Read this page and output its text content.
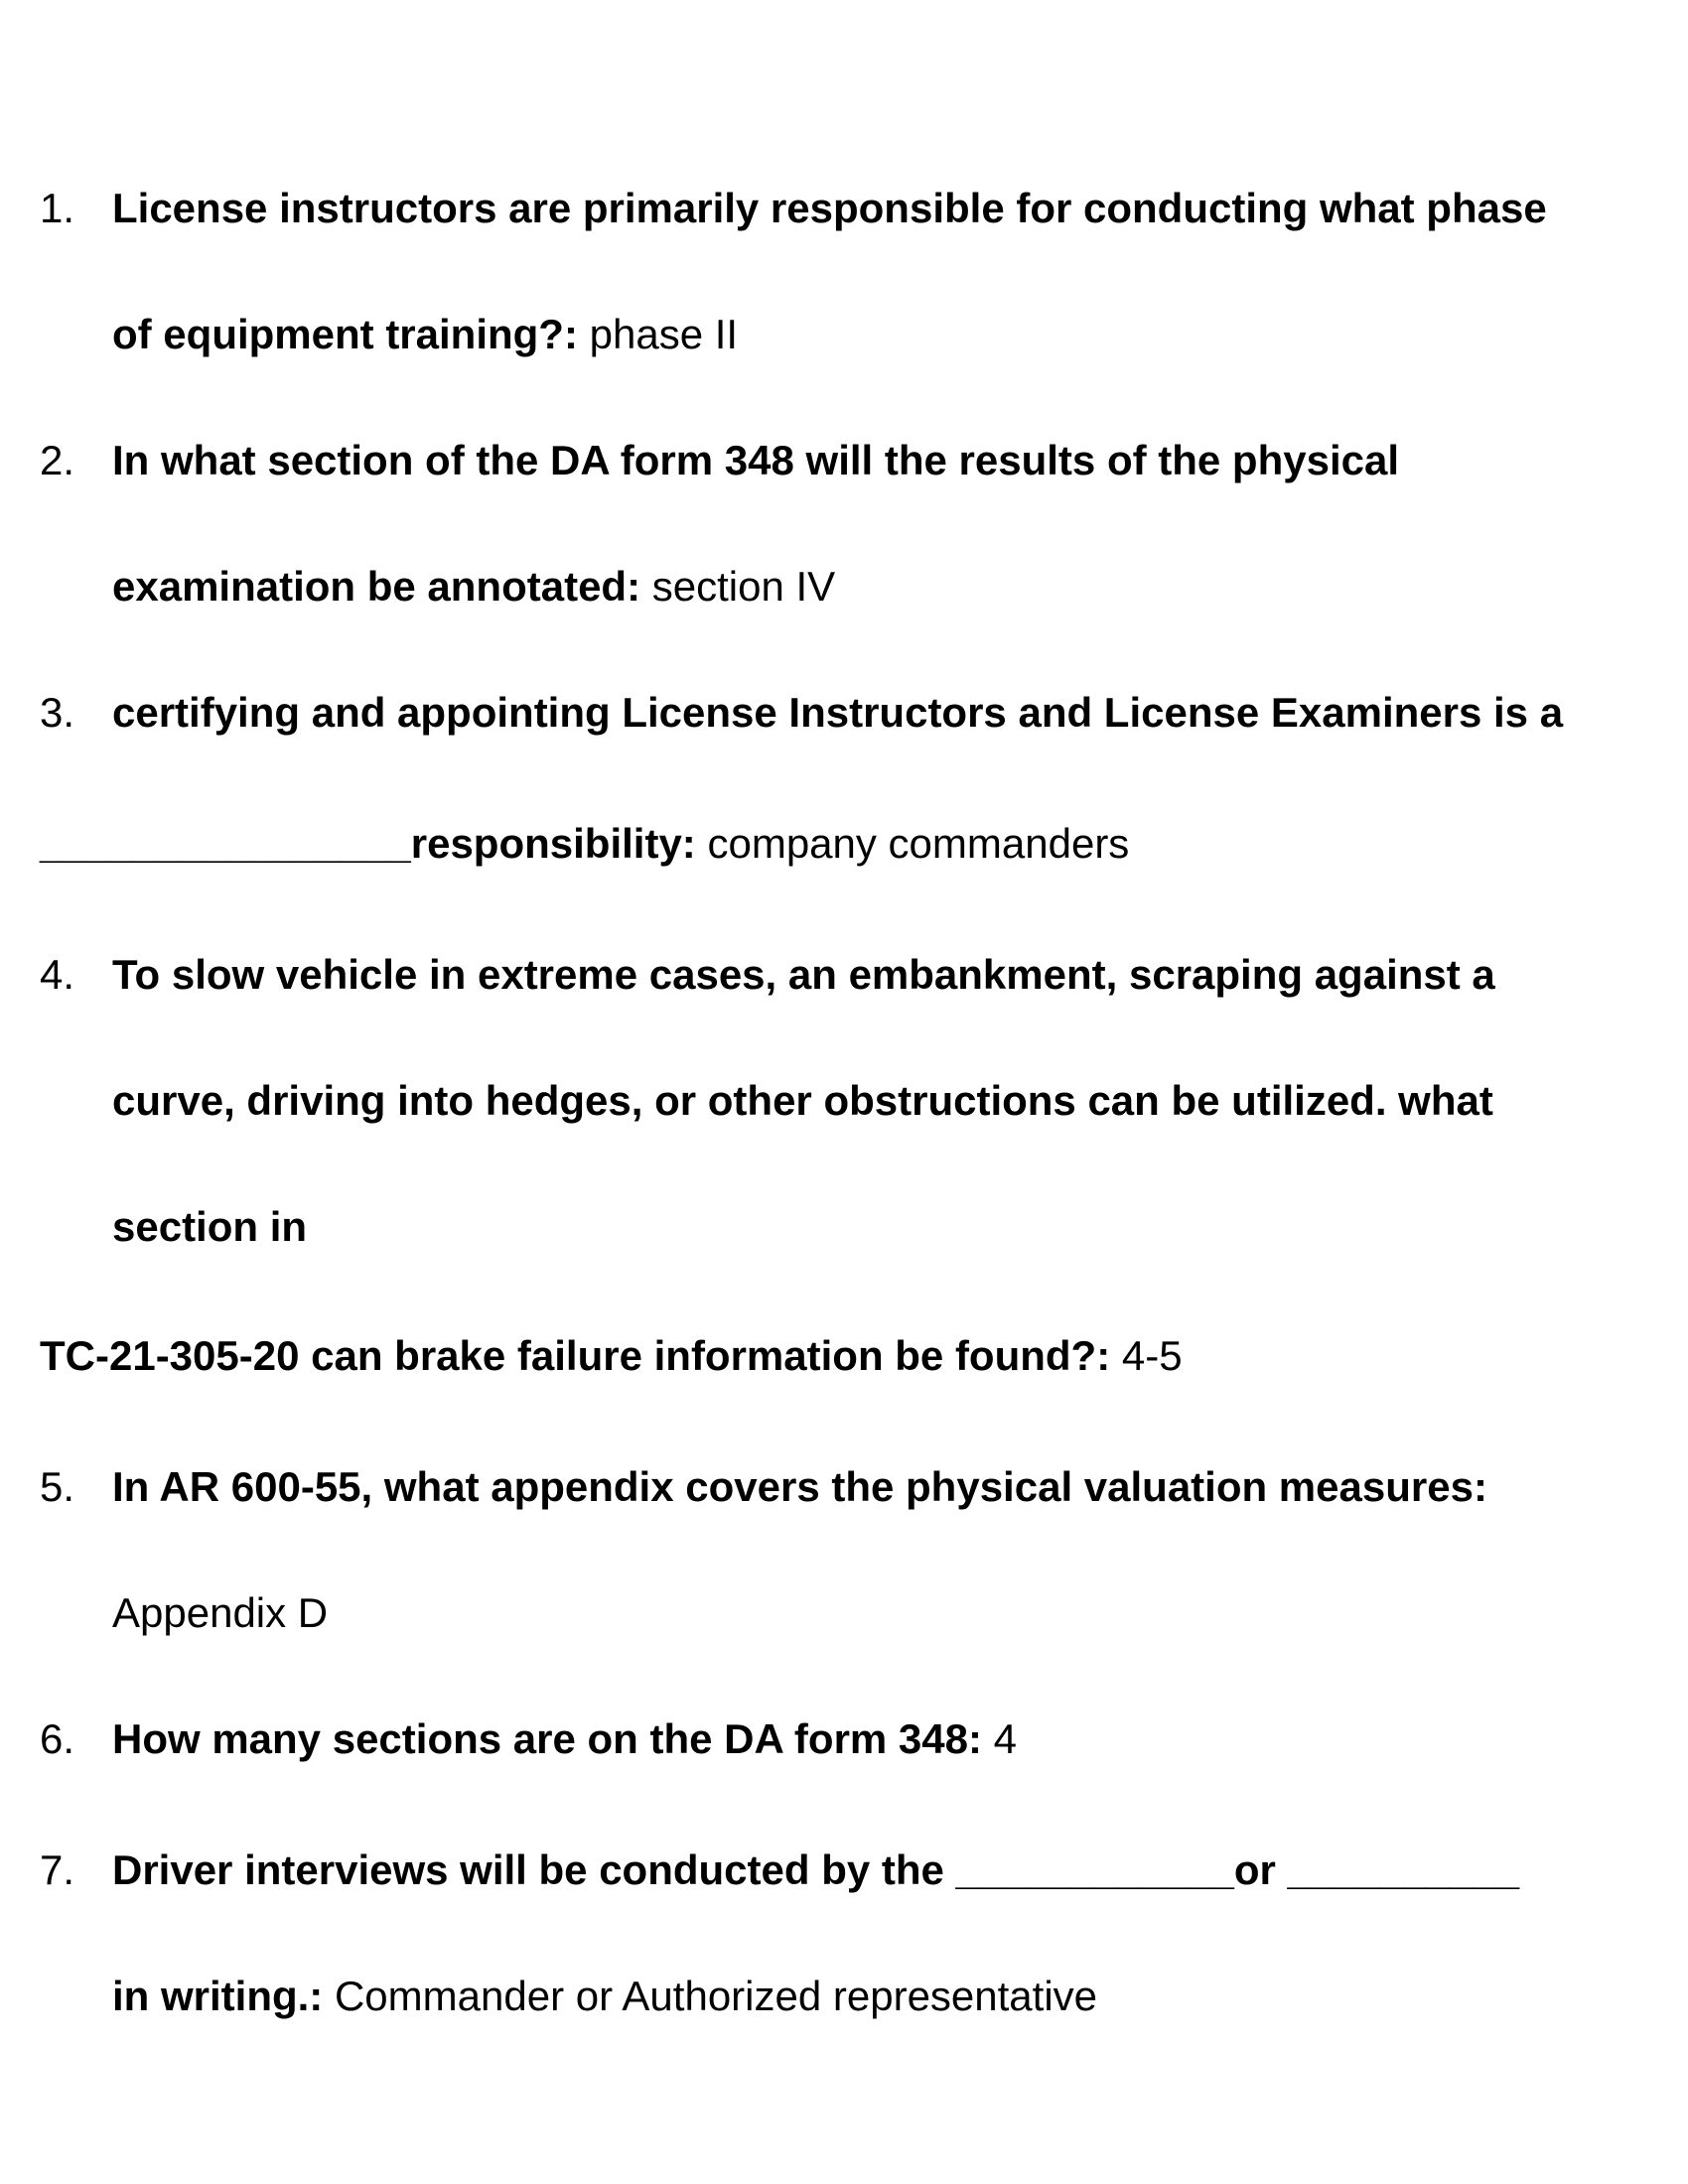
1. License instructors are primarily responsible for conducting what phase
of equipment training?: phase II
2. In what section of the DA form 348 will the results of the physical
examination be annotated: section IV
3. certifying and appointing License Instructors and License Examiners is a
________________responsibility: company commanders
4. To slow vehicle in extreme cases, an embankment, scraping against a
curve, driving into hedges, or other obstructions can be utilized. what
section in
TC-21-305-20 can brake failure information be found?: 4-5
5. In AR 600-55, what appendix covers the physical valuation measures:
Appendix D
6. How many sections are on the DA form 348: 4
7. Driver interviews will be conducted by the ____________or __________
in writing.: Commander or Authorized representative
